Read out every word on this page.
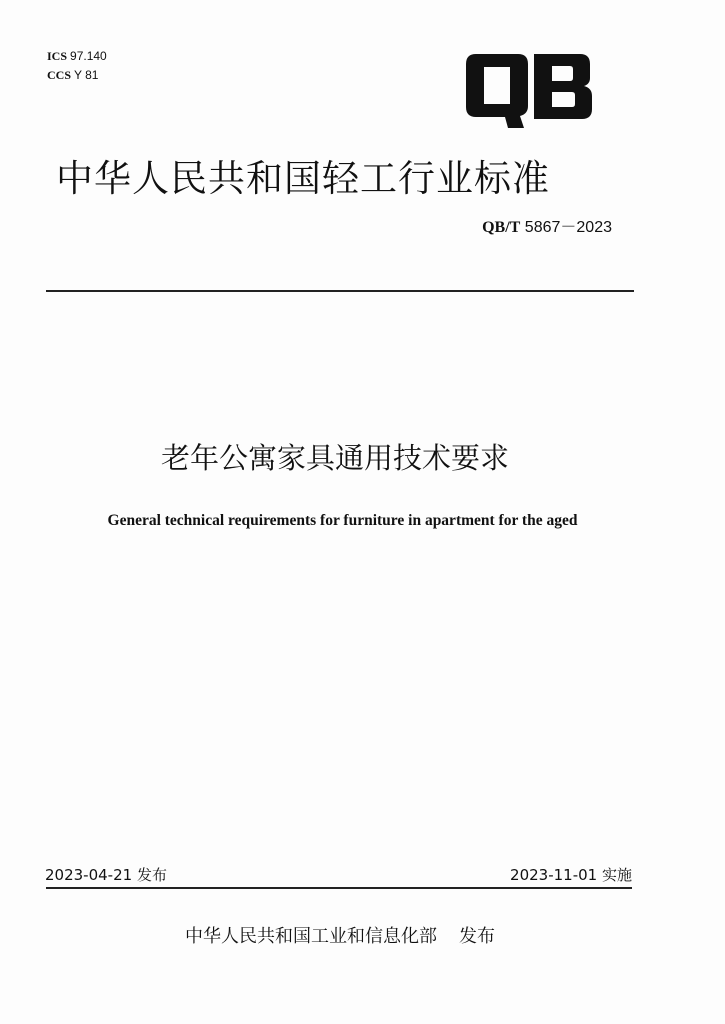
ICS 97.140
CCS Y 81
中华人民共和国轻工行业标准
QB/T 5867－2023
老年公寓家具通用技术要求
General technical requirements for furniture in apartment for the aged
2023-04-21 发布	2023-11-01 实施
中华人民共和国工业和信息化部 发布
